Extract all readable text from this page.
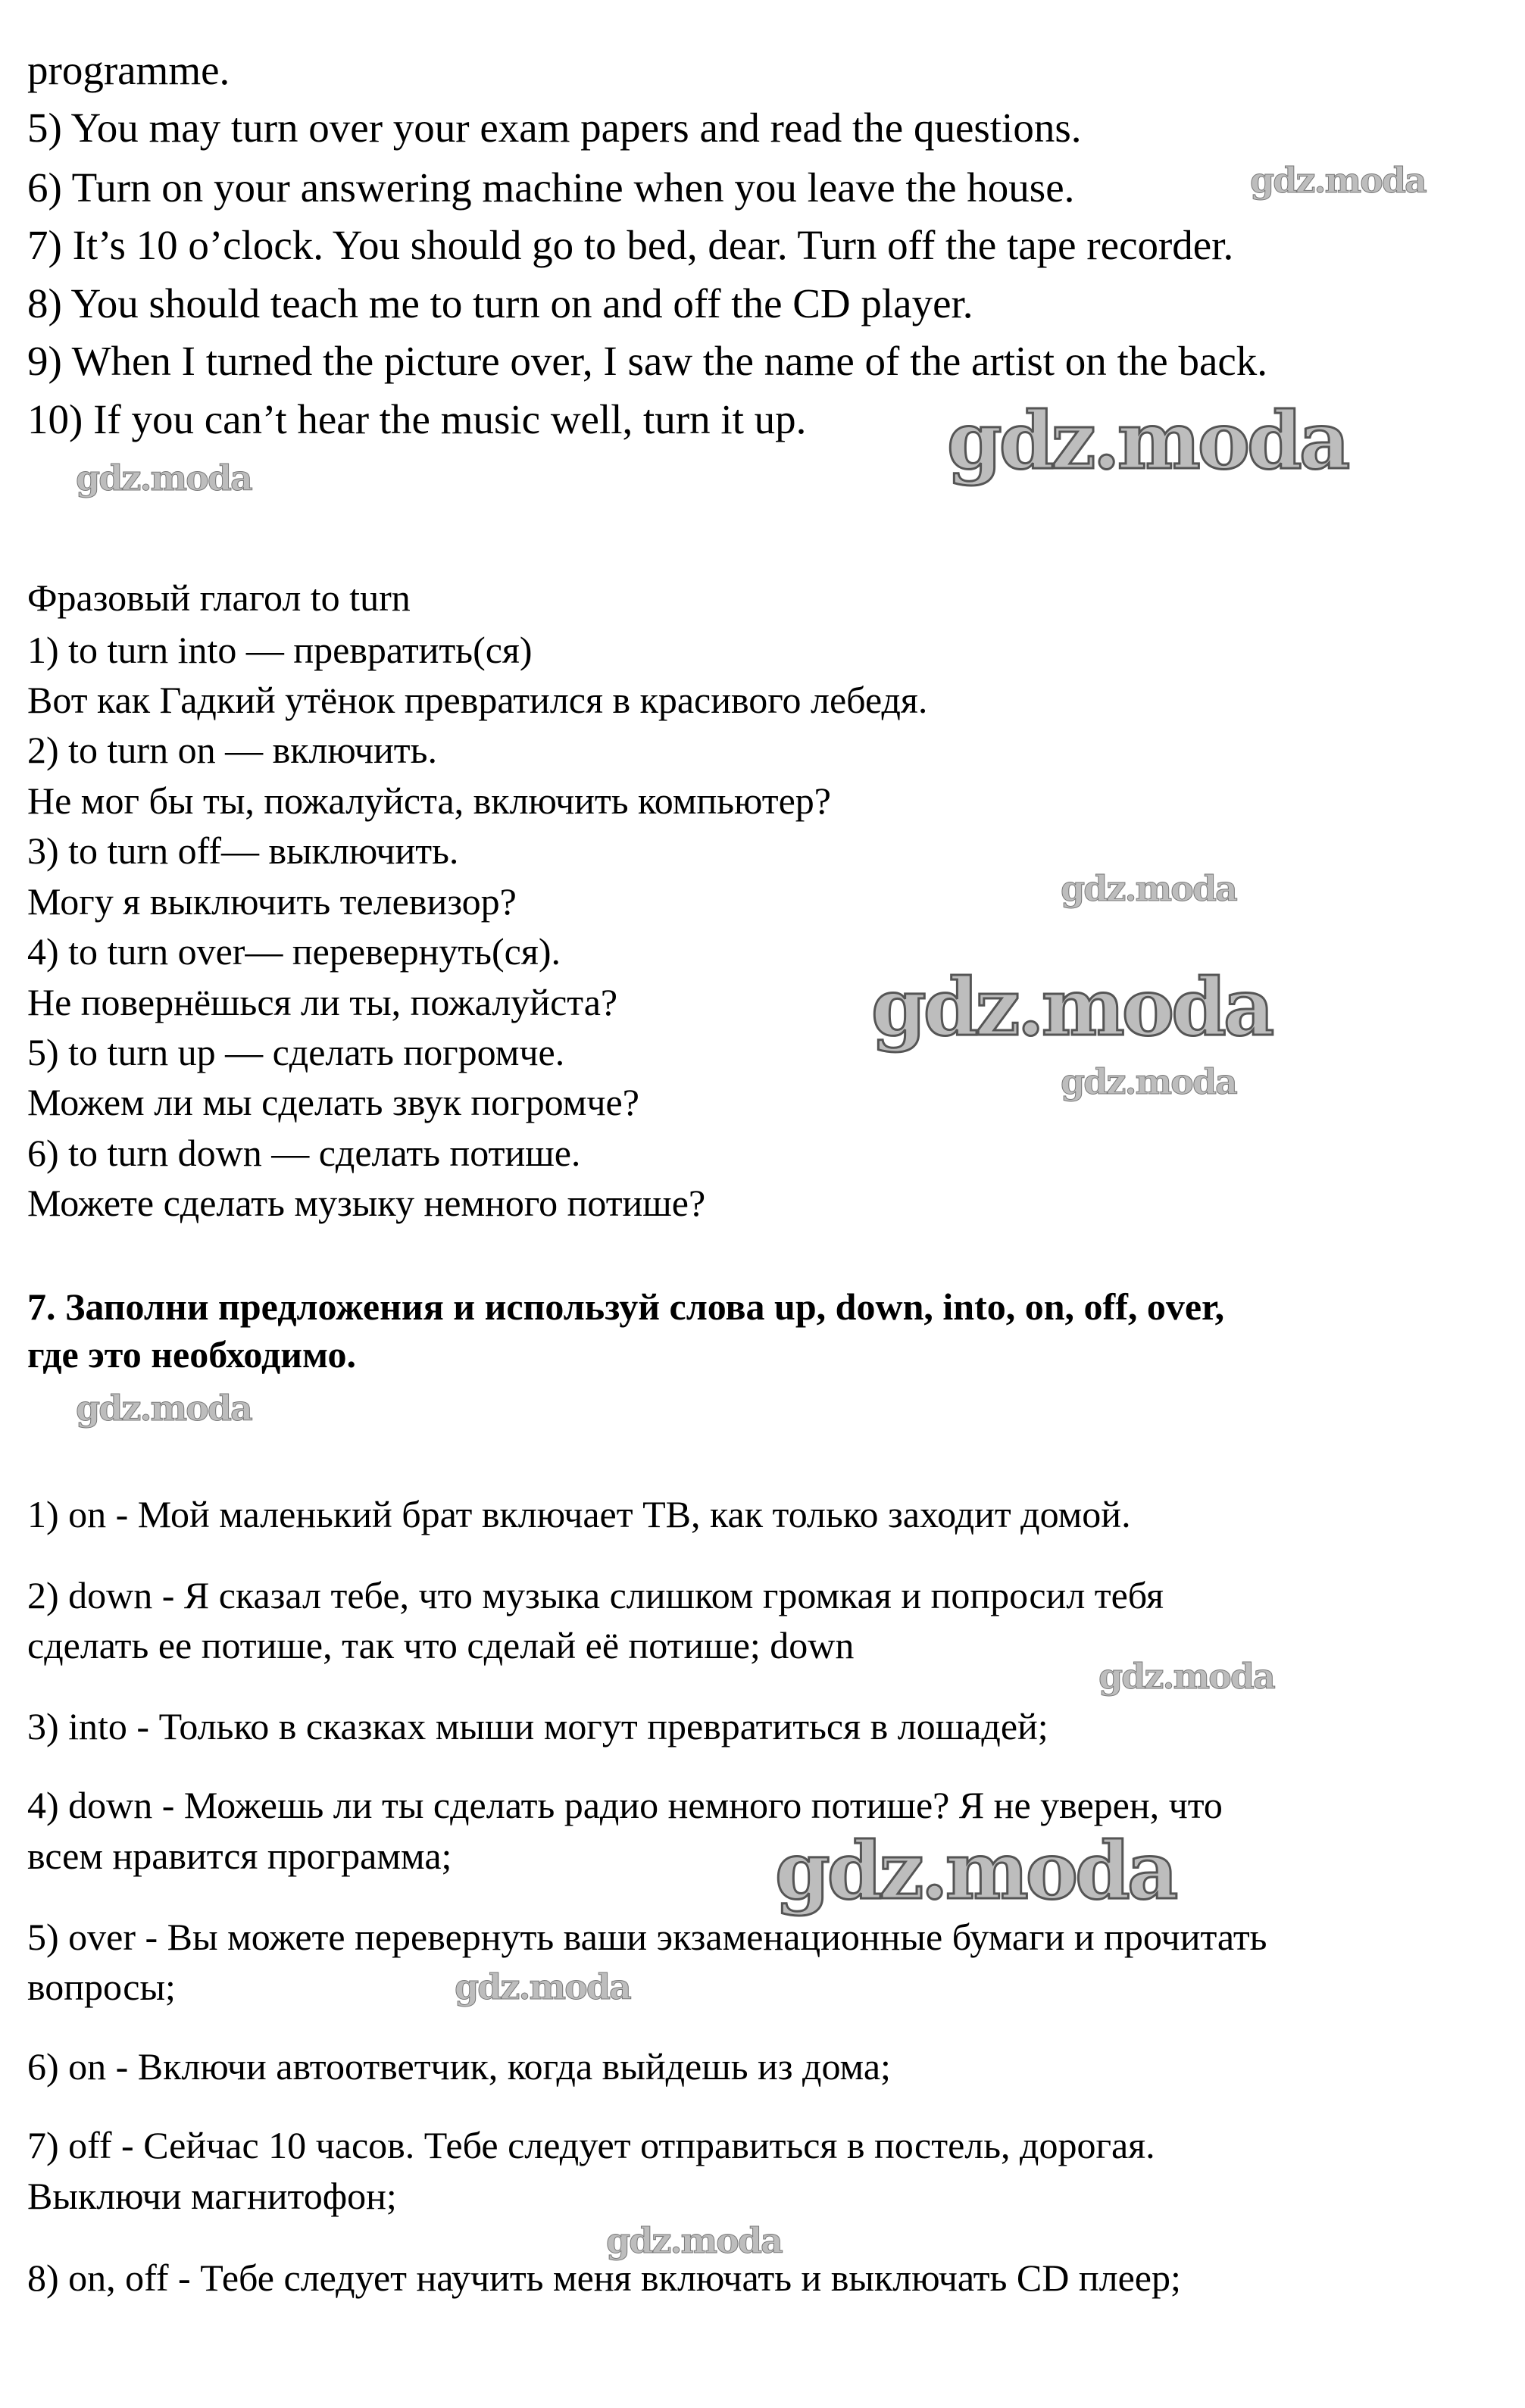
programme.
5) You may turn over your exam papers and read the questions.
6) Turn on your answering machine when you leave the house.
7) It’s 10 o’clock. You should go to bed, dear. Turn off the tape recorder.
8) You should teach me to turn on and off the CD player.
9) When I turned the picture over, I saw the name of the artist on the back.
10) If you can’t hear the music well, turn it up.
Фразовый глагол to turn
1) to turn into — превратить(ся)
Вот как Гадкий утёнок превратился в красивого лебедя.
2) to turn on — включить.
Не мог бы ты, пожалуйста, включить компьютер?
3) to turn off— выключить.
Могу я выключить телевизор?
4) to turn over— перевернуть(ся).
Не повернёшься ли ты, пожалуйста?
5) to turn up — сделать погромче.
Можем ли мы сделать звук погромче?
6) to turn down — сделать потише.
Можете сделать музыку немного потише?
7. Заполни предложения и используй слова up, down, into, on, off, over,
где это необходимо.
1) on - Мой маленький брат включает ТВ, как только заходит домой.
2) down - Я сказал тебе, что музыка слишком громкая и попросил тебя
сделать ее потише, так что сделай её потише; down
3) into - Только в сказках мыши могут превратиться в лошадей;
4) down - Можешь ли ты сделать радио немного потише? Я не уверен, что
всем нравится программа;
5) over - Вы можете перевернуть ваши экзаменационные бумаги и прочитать
вопросы;
6) on - Включи автоответчик, когда выйдешь из дома;
7) off - Сейчас 10 часов. Тебе следует отправиться в постель, дорогая.
Выключи магнитофон;
8) on, off - Тебе следует научить меня включать и выключать CD плеер;
gdz.moda
gdz.moda
gdz.moda
gdz.moda
gdz.moda
gdz.moda
gdz.moda
gdz.moda
gdz.moda
gdz.moda
gdz.moda
